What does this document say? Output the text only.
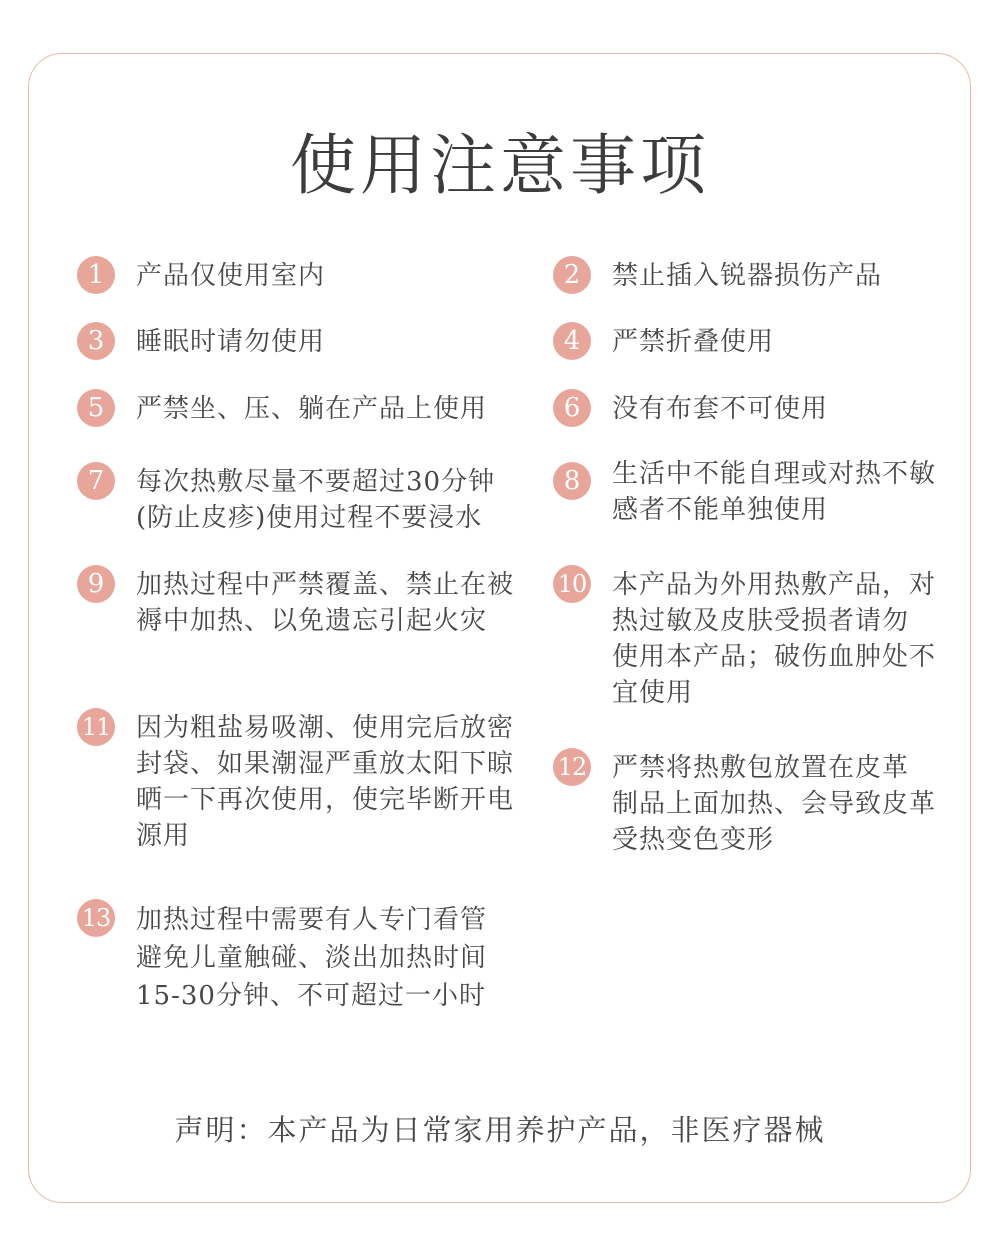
使用注意事项
1	产品仅使用室内	2	禁止插入锐器损伤产品
3	睡眠时请勿使用	4	严禁折叠使用
5	严禁坐、压、躺在产品上使用	6	没有布套不可使用
7	每次热敷尽量不要超过30分钟
(防止皮疹)使用过程不要浸水
8	生活中不能自理或对热不敏
感者不能单独使用
9	加热过程中严禁覆盖、禁止在被
褥中加热、以免遗忘引起火灾
10 本产品为外用热敷产品，对
热过敏及皮肤受损者请勿
使用本产品；破伤血肿处不
宜使用
11 因为粗盐易吸潮、使用完后放密
封袋、如果潮湿严重放太阳下晾
晒一下再次使用，使完毕断开电
源用
12 严禁将热敷包放置在皮革
制品上面加热、会导致皮革
受热变色变形
13 加热过程中需要有人专门看管
避免儿童触碰、淡出加热时间
15-30分钟、不可超过一小时
声明：本产品为日常家用养护产品，非医疗器械
